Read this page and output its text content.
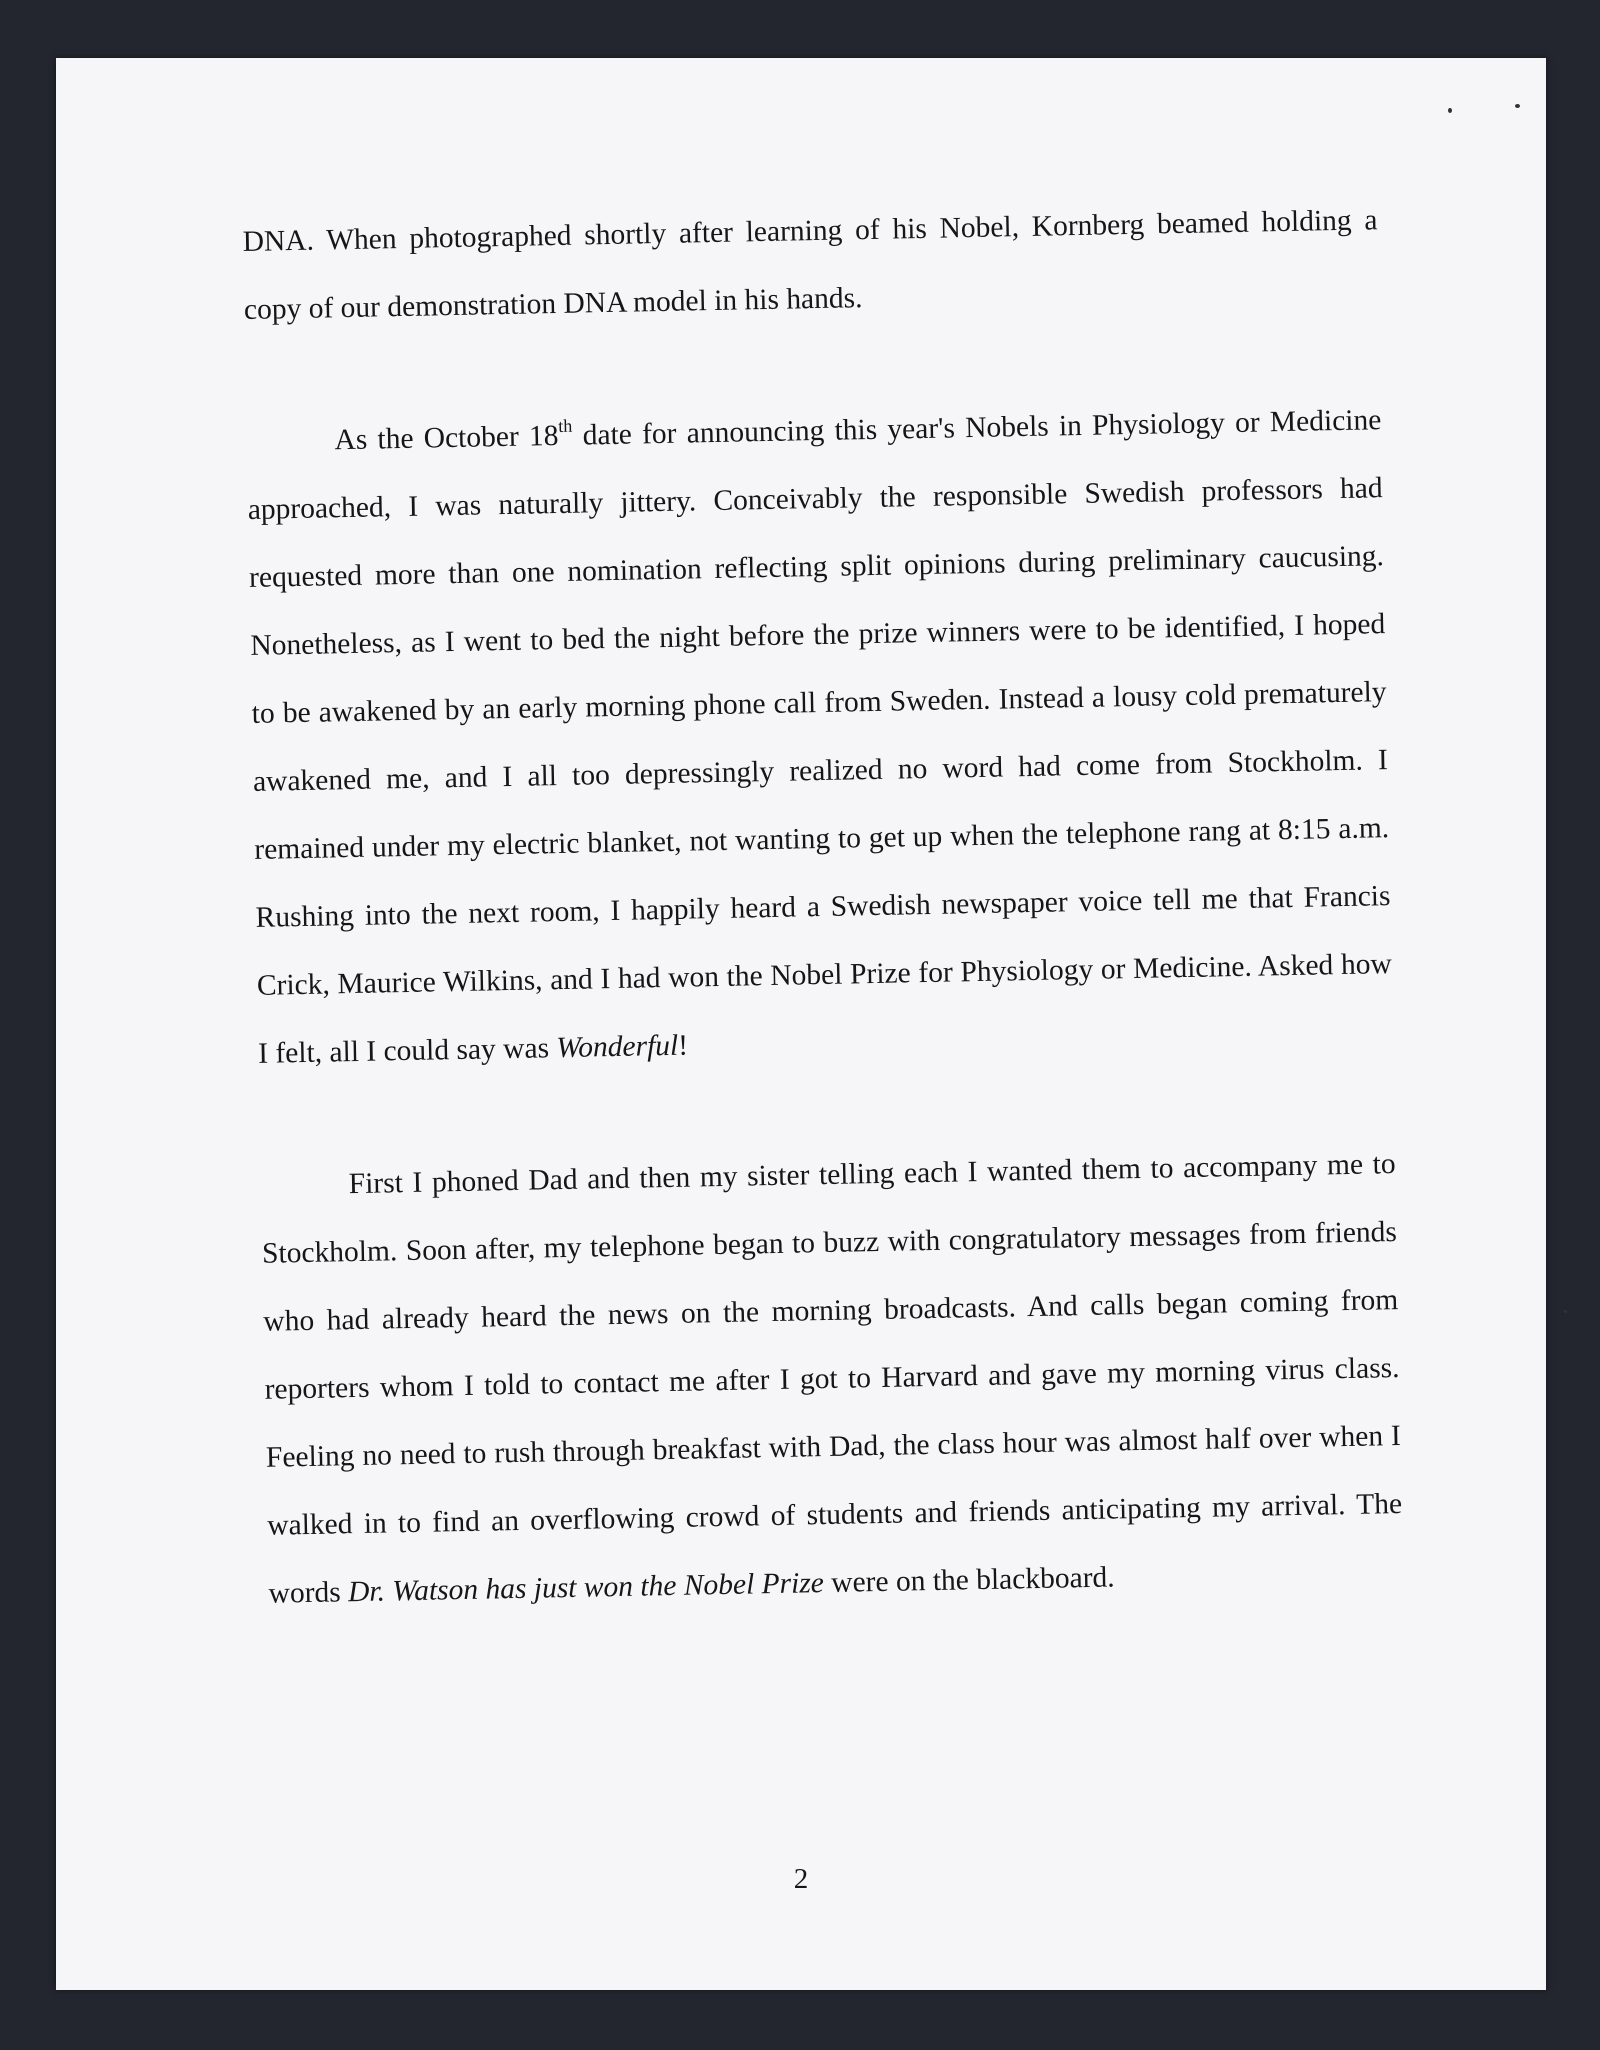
DNA. When photographed shortly after learning of his Nobel, Kornberg beamed holding a copy of our demonstration DNA model in his hands.

As the October 18th date for announcing this year's Nobels in Physiology or Medicine approached, I was naturally jittery. Conceivably the responsible Swedish professors had requested more than one nomination reflecting split opinions during preliminary caucusing. Nonetheless, as I went to bed the night before the prize winners were to be identified, I hoped to be awakened by an early morning phone call from Sweden. Instead a lousy cold prematurely awakened me, and I all too depressingly realized no word had come from Stockholm. I remained under my electric blanket, not wanting to get up when the telephone rang at 8:15 a.m. Rushing into the next room, I happily heard a Swedish newspaper voice tell me that Francis Crick, Maurice Wilkins, and I had won the Nobel Prize for Physiology or Medicine. Asked how I felt, all I could say was Wonderful!

First I phoned Dad and then my sister telling each I wanted them to accompany me to Stockholm. Soon after, my telephone began to buzz with congratulatory messages from friends who had already heard the news on the morning broadcasts. And calls began coming from reporters whom I told to contact me after I got to Harvard and gave my morning virus class. Feeling no need to rush through breakfast with Dad, the class hour was almost half over when I walked in to find an overflowing crowd of students and friends anticipating my arrival. The words Dr. Watson has just won the Nobel Prize were on the blackboard.

2
